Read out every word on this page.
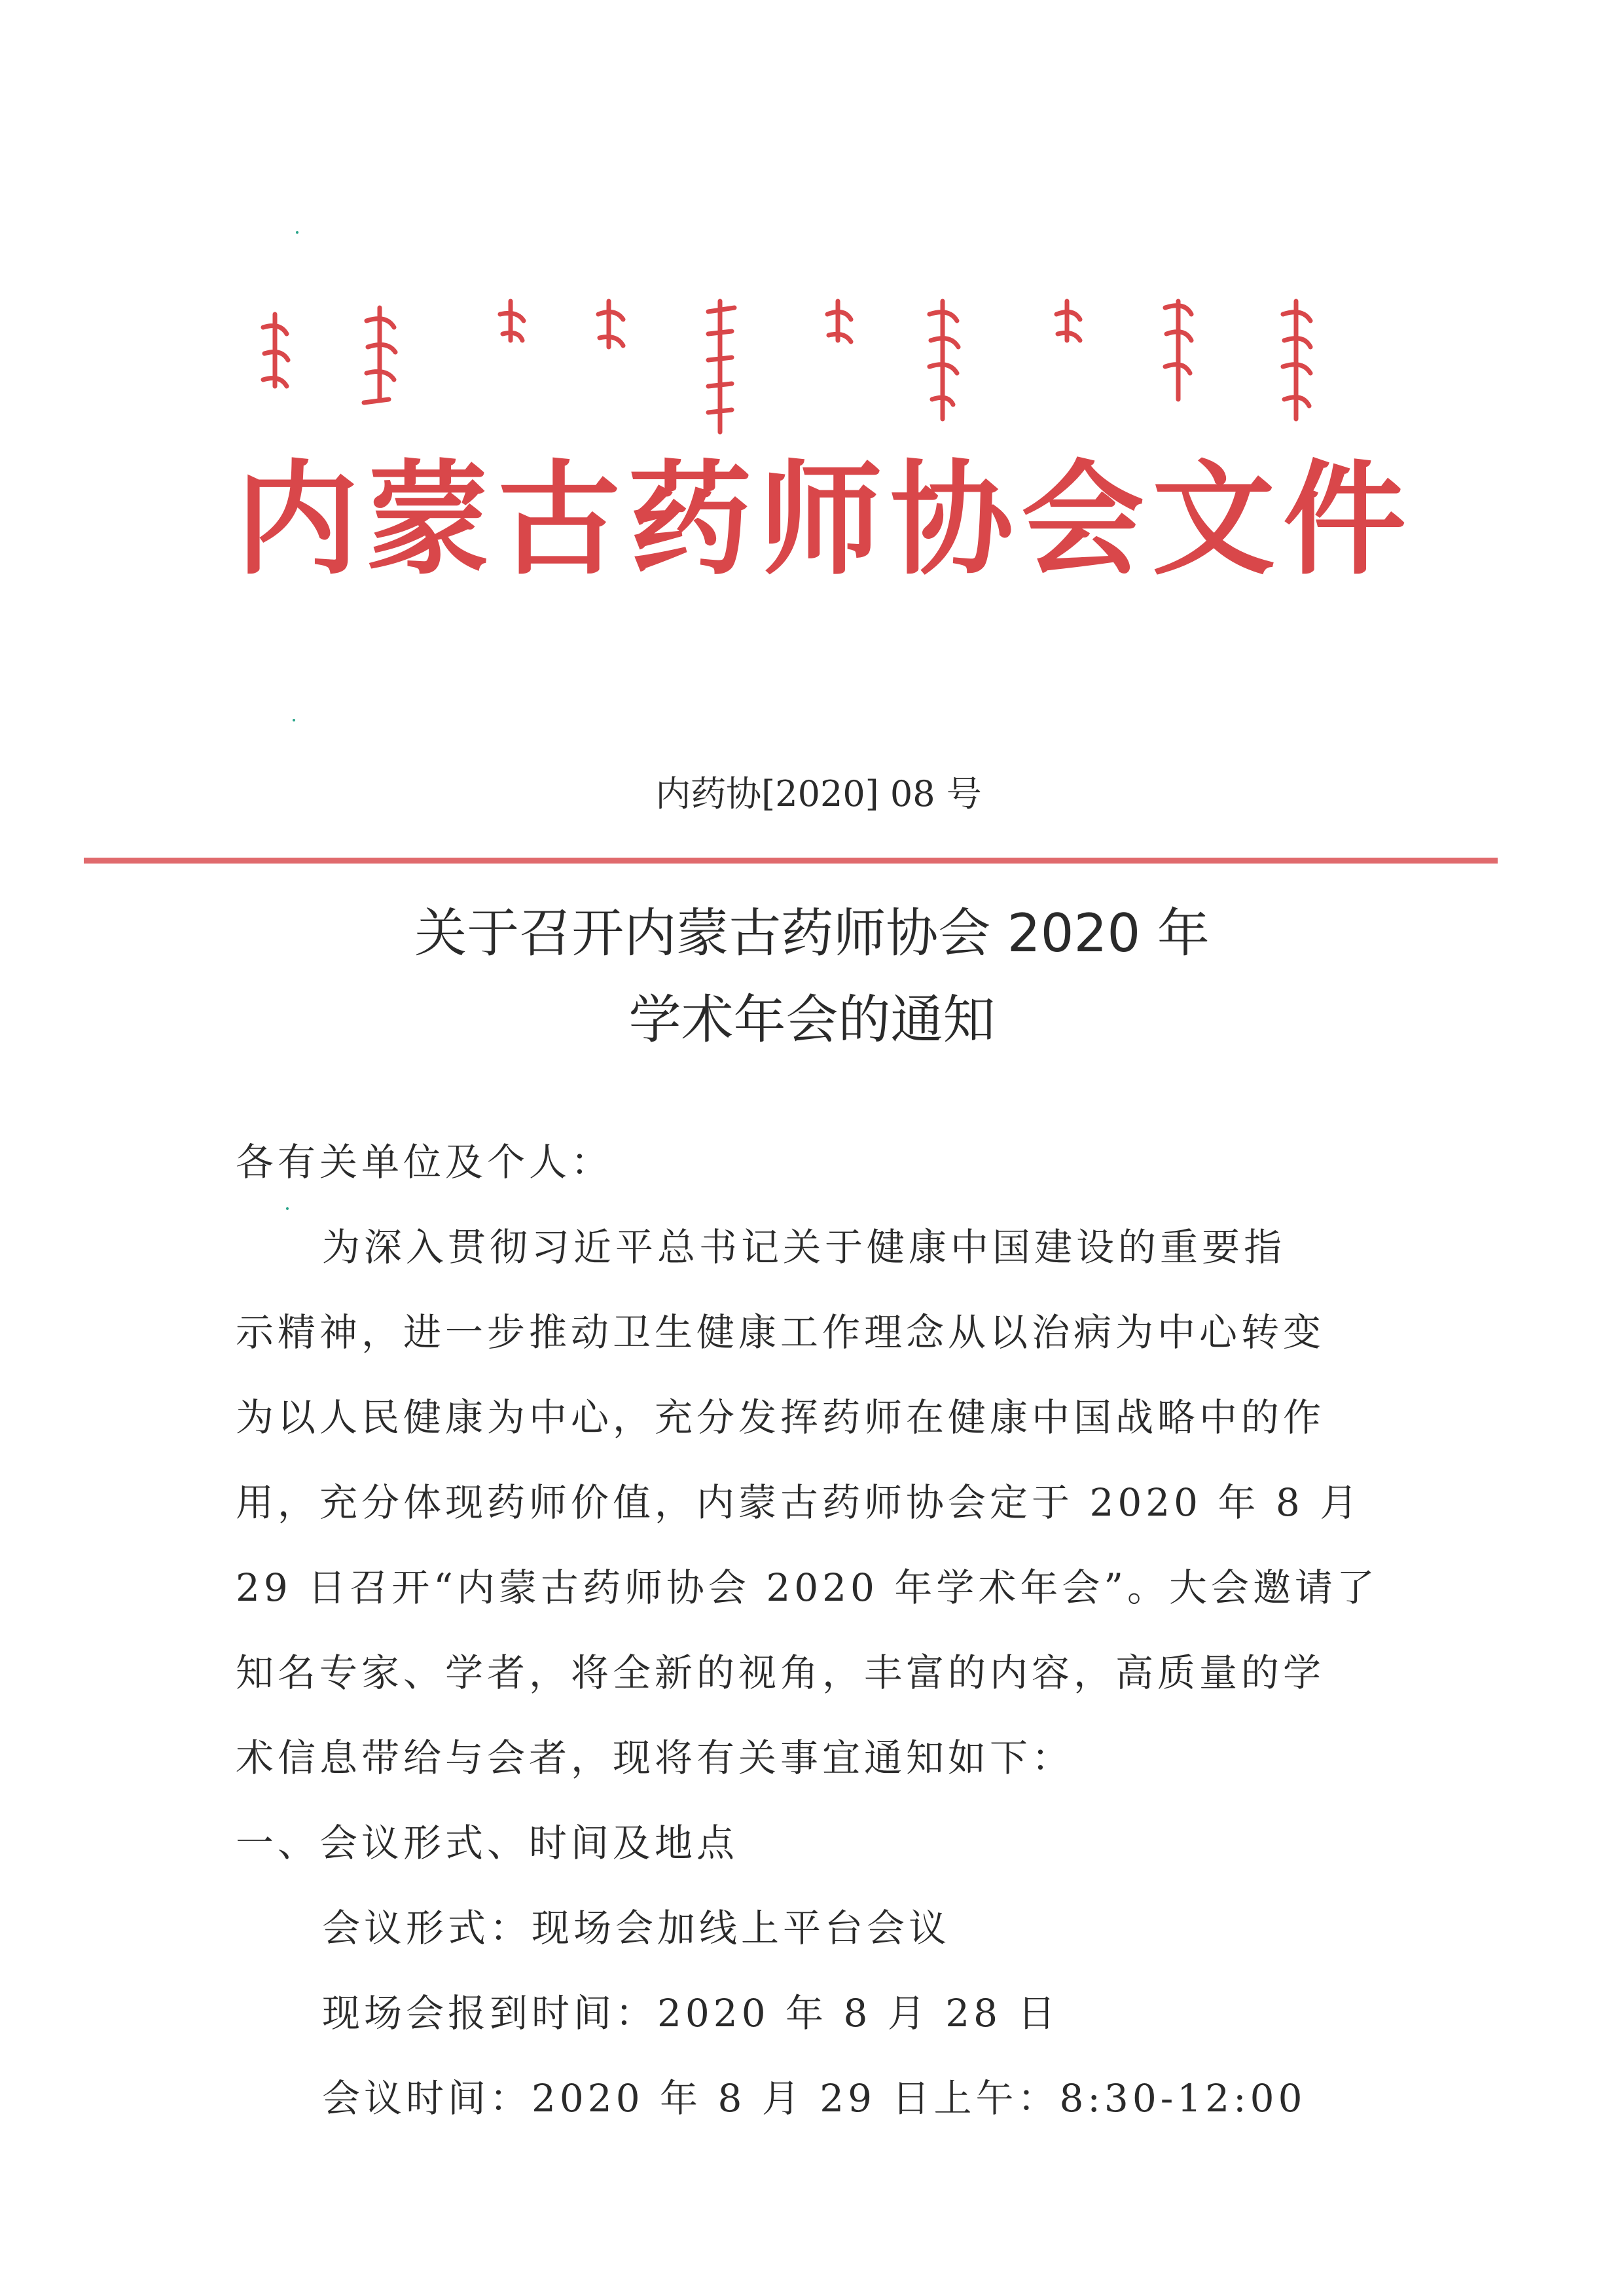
内蒙古药师协会文件
内药协[2020] 08 号
关于召开内蒙古药师协会 2020 年
学术年会的通知
各有关单位及个人：
为深入贯彻习近平总书记关于健康中国建设的重要指
示精神，进一步推动卫生健康工作理念从以治病为中心转变
为以人民健康为中心，充分发挥药师在健康中国战略中的作
用，充分体现药师价值，内蒙古药师协会定于 2020 年 8 月
29 日召开“内蒙古药师协会 2020 年学术年会”。大会邀请了
知名专家、学者，将全新的视角，丰富的内容，高质量的学
术信息带给与会者，现将有关事宜通知如下：
一、会议形式、时间及地点
会议形式：现场会加线上平台会议
现场会报到时间：2020 年 8 月 28 日
会议时间：2020 年 8 月 29 日上午：8:30-12:00
